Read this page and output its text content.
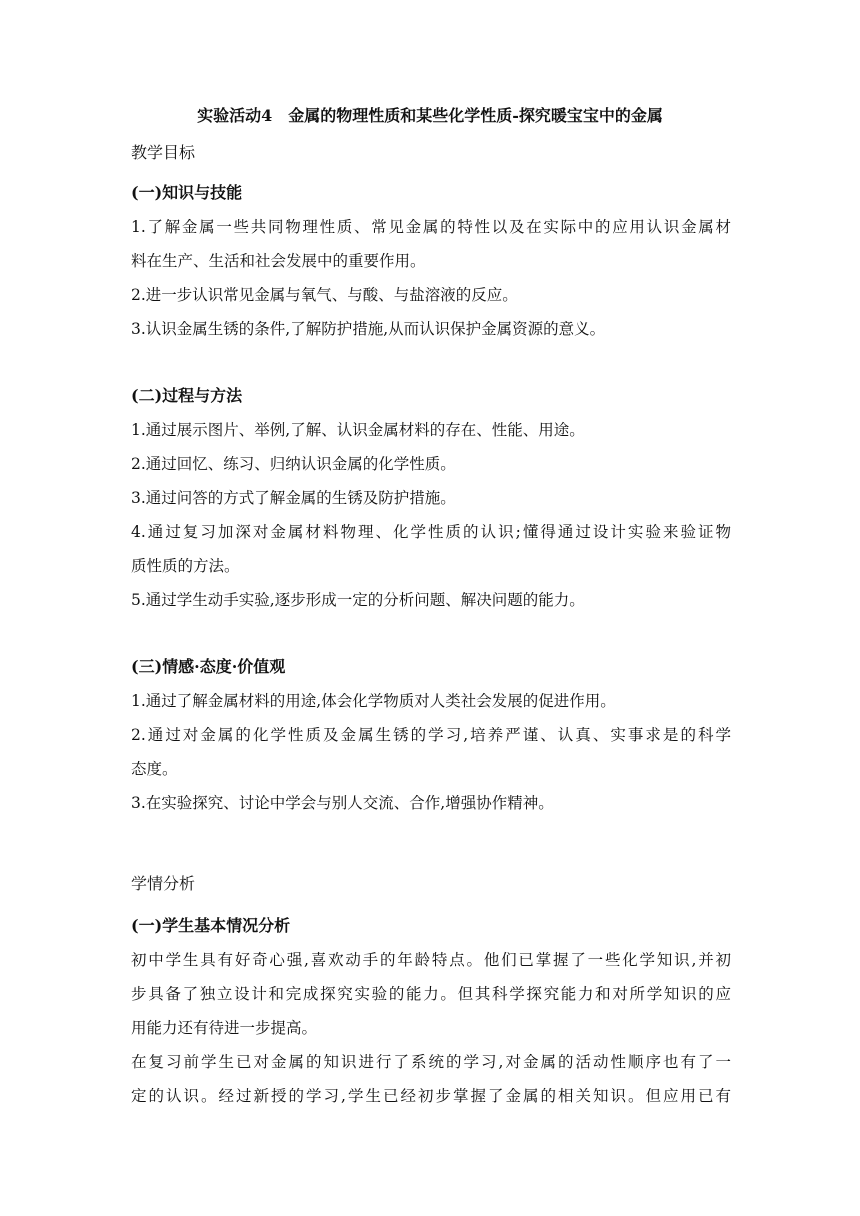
实验活动4　金属的物理性质和某些化学性质-探究暖宝宝中的金属
教学目标
(一)知识与技能
1.了解金属一些共同物理性质、常见金属的特性以及在实际中的应用认识金属材
料在生产、生活和社会发展中的重要作用。
2.进一步认识常见金属与氧气、与酸、与盐溶液的反应。
3.认识金属生锈的条件,了解防护措施,从而认识保护金属资源的意义。
(二)过程与方法
1.通过展示图片、举例,了解、认识金属材料的存在、性能、用途。
2.通过回忆、练习、归纳认识金属的化学性质。
3.通过问答的方式了解金属的生锈及防护措施。
4.通过复习加深对金属材料物理、化学性质的认识;懂得通过设计实验来验证物
质性质的方法。
5.通过学生动手实验,逐步形成一定的分析问题、解决问题的能力。
(三)情感·态度·价值观
1.通过了解金属材料的用途,体会化学物质对人类社会发展的促进作用。
2.通过对金属的化学性质及金属生锈的学习,培养严谨、认真、实事求是的科学
态度。
3.在实验探究、讨论中学会与别人交流、合作,增强协作精神。
学情分析
(一)学生基本情况分析
初中学生具有好奇心强,喜欢动手的年龄特点。他们已掌握了一些化学知识,并初
步具备了独立设计和完成探究实验的能力。但其科学探究能力和对所学知识的应
用能力还有待进一步提高。
在复习前学生已对金属的知识进行了系统的学习,对金属的活动性顺序也有了一
定的认识。经过新授的学习,学生已经初步掌握了金属的相关知识。但应用已有
